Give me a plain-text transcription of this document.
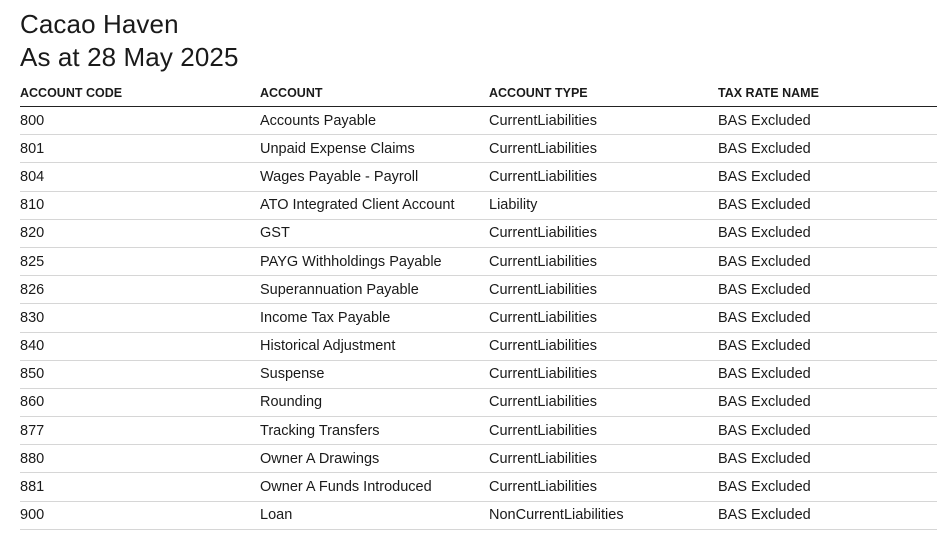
Cacao Haven
As at 28 May 2025
ACCOUNT CODE	ACCOUNT	ACCOUNT TYPE	TAX RATE NAME
800	Accounts Payable	CurrentLiabilities	BAS Excluded
801	Unpaid Expense Claims	CurrentLiabilities	BAS Excluded
804	Wages Payable - Payroll	CurrentLiabilities	BAS Excluded
810	ATO Integrated Client Account	Liability	BAS Excluded
820	GST	CurrentLiabilities	BAS Excluded
825	PAYG Withholdings Payable	CurrentLiabilities	BAS Excluded
826	Superannuation Payable	CurrentLiabilities	BAS Excluded
830	Income Tax Payable	CurrentLiabilities	BAS Excluded
840	Historical Adjustment	CurrentLiabilities	BAS Excluded
850	Suspense	CurrentLiabilities	BAS Excluded
860	Rounding	CurrentLiabilities	BAS Excluded
877	Tracking Transfers	CurrentLiabilities	BAS Excluded
880	Owner A Drawings	CurrentLiabilities	BAS Excluded
881	Owner A Funds Introduced	CurrentLiabilities	BAS Excluded
900	Loan	NonCurrentLiabilities	BAS Excluded
